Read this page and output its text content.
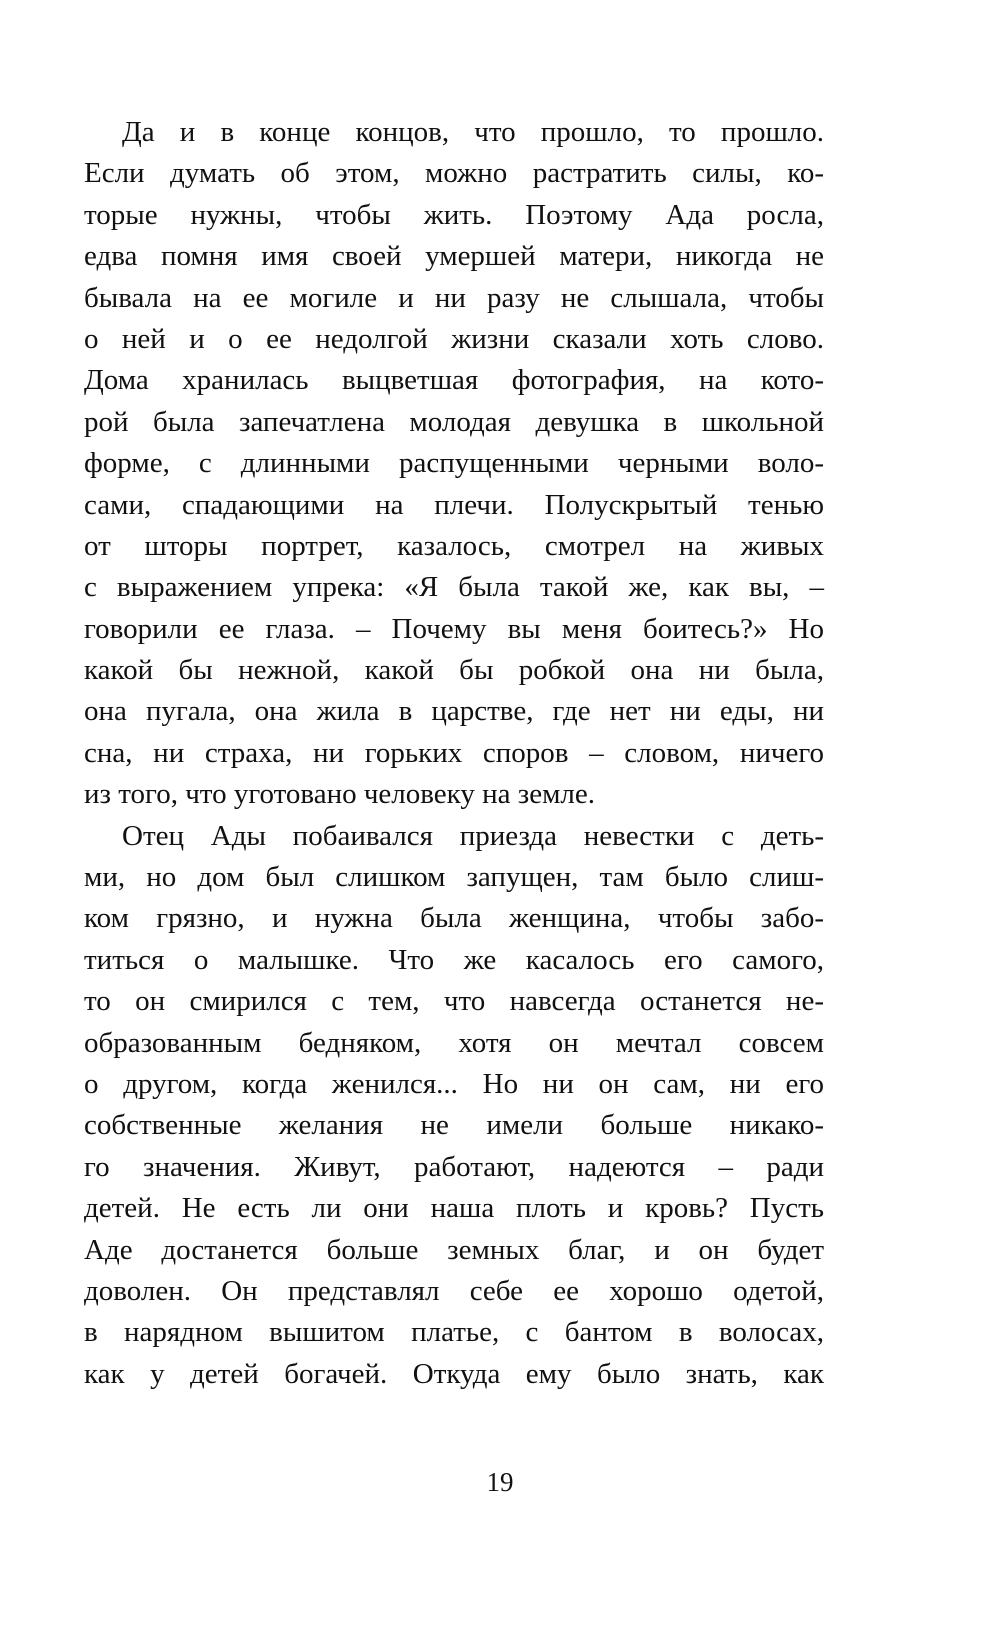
Да и в конце концов, что прошло, то прошло.
Если думать об этом, можно растратить силы, ко-
торые нужны, чтобы жить. Поэтому Ада росла,
едва помня имя своей умершей матери, никогда не
бывала на ее могиле и ни разу не слышала, чтобы
о ней и о ее недолгой жизни сказали хоть слово.
Дома хранилась выцветшая фотография, на кото-
рой была запечатлена молодая девушка в школьной
форме, с длинными распущенными черными воло-
сами, спадающими на плечи. Полускрытый тенью
от шторы портрет, казалось, смотрел на живых
с выражением упрека: «Я была такой же, как вы, –
говорили ее глаза. – Почему вы меня боитесь?» Но
какой бы нежной, какой бы робкой она ни была,
она пугала, она жила в царстве, где нет ни еды, ни
сна, ни страха, ни горьких споров – словом, ничего
из того, что уготовано человеку на земле.
Отец Ады побаивался приезда невестки с деть-
ми, но дом был слишком запущен, там было слиш-
ком грязно, и нужна была женщина, чтобы забо-
титься о малышке. Что же касалось его самого,
то он смирился с тем, что навсегда останется не-
образованным бедняком, хотя он мечтал совсем
о другом, когда женился... Но ни он сам, ни его
собственные желания не имели больше никако-
го значения. Живут, работают, надеются – ради
детей. Не есть ли они наша плоть и кровь? Пусть
Аде достанется больше земных благ, и он будет
доволен. Он представлял себе ее хорошо одетой,
в нарядном вышитом платье, с бантом в волосах,
как у детей богачей. Откуда ему было знать, как
19
